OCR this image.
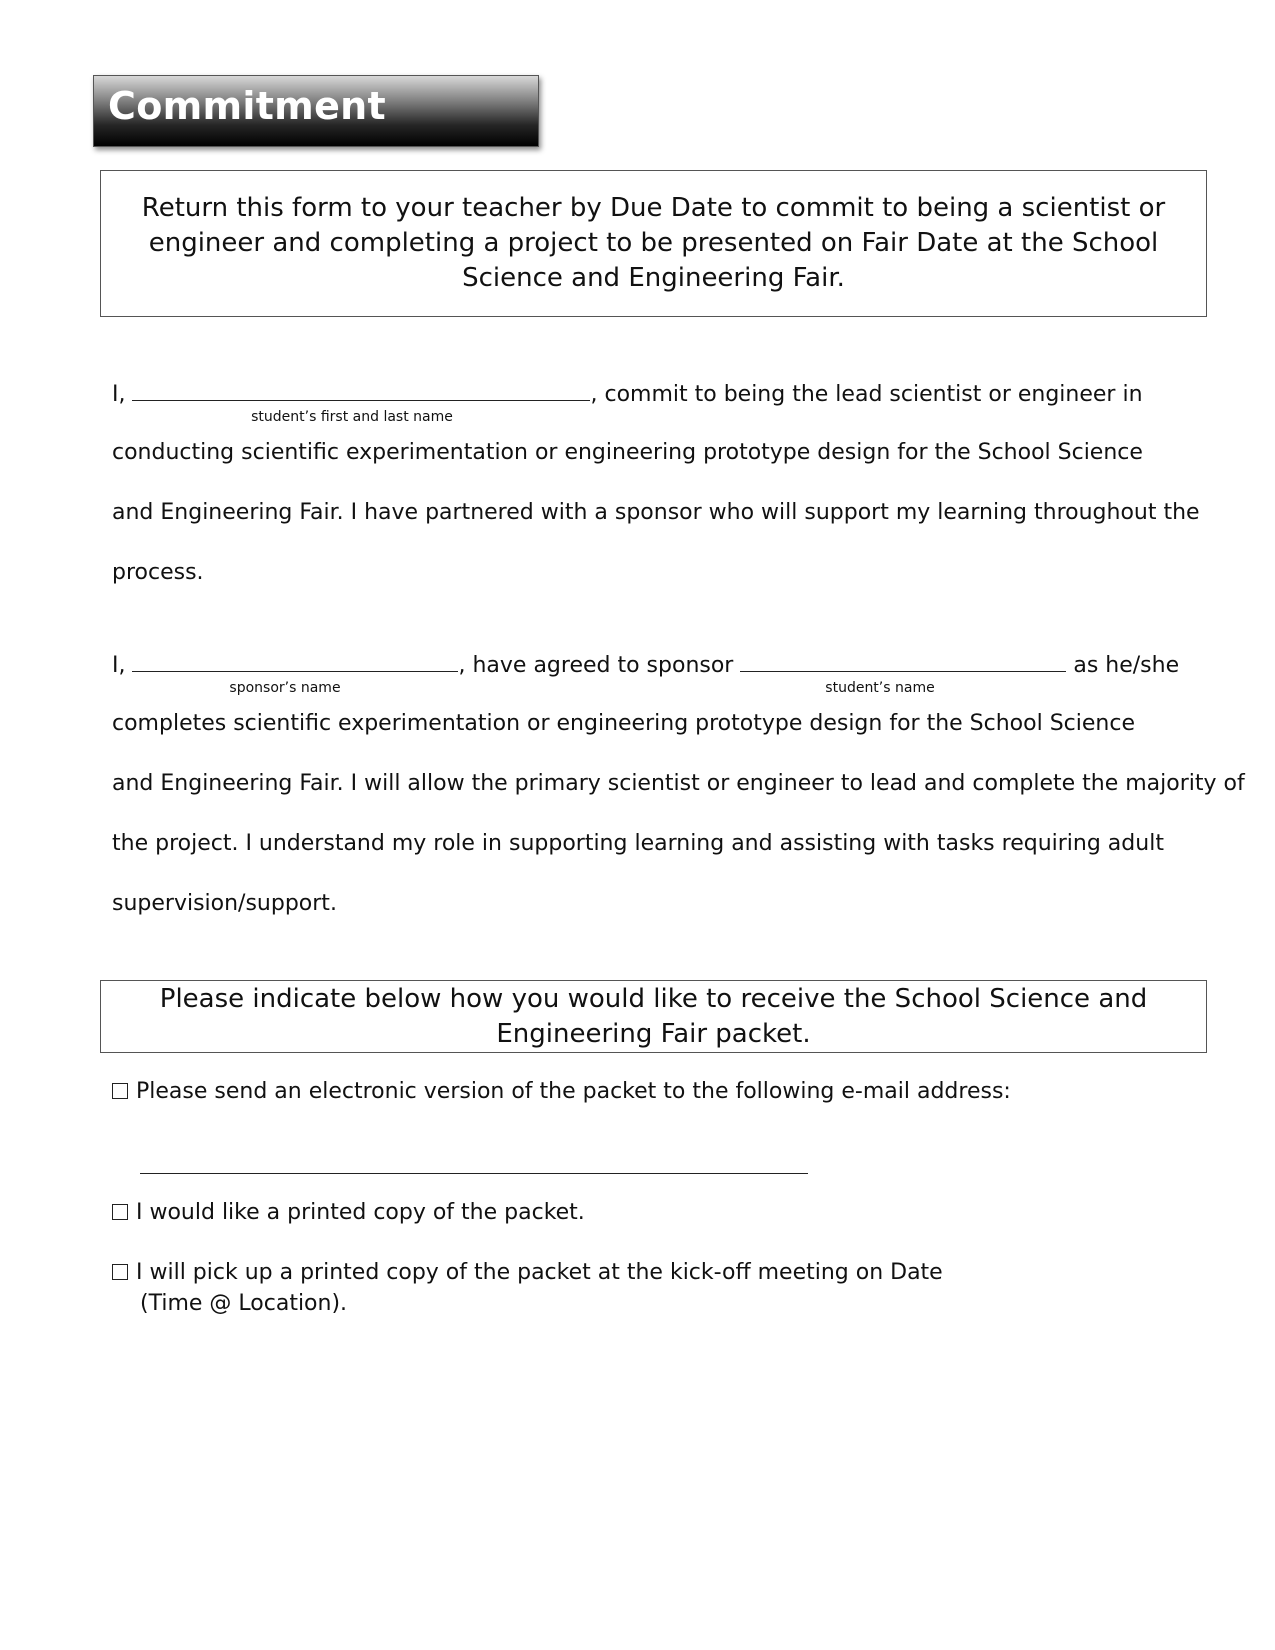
Commitment
Return this form to your teacher by Due Date to commit to being a scientist or engineer and completing a project to be presented on Fair Date at the School Science and Engineering Fair.
I,	, commit to being the lead scientist or engineer in
student’s first and last name
conducting scientific experimentation or engineering prototype design for the School Science
and Engineering Fair. I have partnered with a sponsor who will support my learning throughout the
process.
I,	, have agreed to sponsor	as he/she
sponsor’s name	student’s name
completes scientific experimentation or engineering prototype design for the School Science
and Engineering Fair. I will allow the primary scientist or engineer to lead and complete the majority of
the project. I understand my role in supporting learning and assisting with tasks requiring adult
supervision/support.
Please indicate below how you would like to receive the School Science and Engineering Fair packet.
Please send an electronic version of the packet to the following e-mail address:
I would like a printed copy of the packet.
I will pick up a printed copy of the packet at the kick-off meeting on Date
(Time @ Location).
